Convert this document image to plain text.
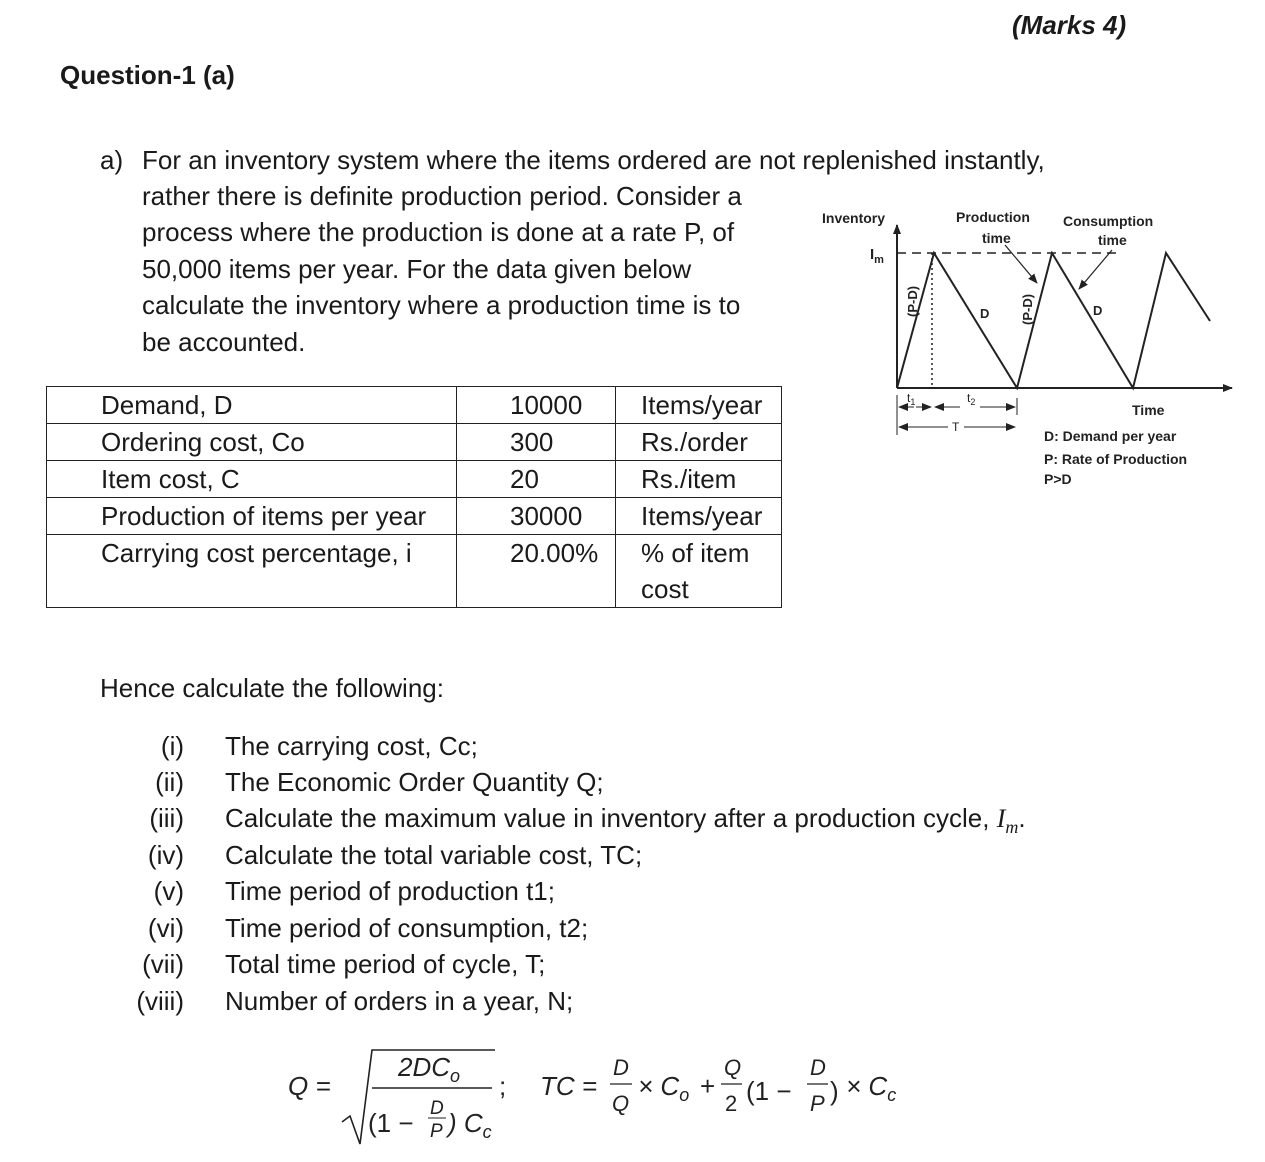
(Marks 4)
Question-1 (a)
a) For an inventory system where the items ordered are not replenished instantly,
rather there is definite production period. Consider a
process where the production is done at a rate P, of
50,000 items per year. For the data given below
calculate the inventory where a production time is to
be accounted.
Demand, D	10000	Items/year
Ordering cost, Co	300	Rs./order
Item cost, C	20	Rs./item
Production of items per year	30000	Items/year
Carrying cost percentage, i	20.00%	% of item
cost
Inventory
$I_m$
Production
time
Consumption
time
(P-D)	(P-D)
D	D
$t_1$	$t_2$
T
Time
D: Demand per year
P: Rate of Production
P>D
Hence calculate the following:
(i) The carrying cost, Cc;
(ii) The Economic Order Quantity Q;
(iii) Calculate the maximum value in inventory after a production cycle, $I_m$.
(iv) Calculate the total variable cost, TC;
(v) Time period of production t1;
(vi) Time period of consumption, t2;
(vii) Total time period of cycle, T;
(viii) Number of orders in a year, N;
Q =
$2DC_o$
(1 − D
P ) $C_c$
; TC =
D
Q
× $C_o$ +
Q
2 (1 −
D
P ) × $C_c$
